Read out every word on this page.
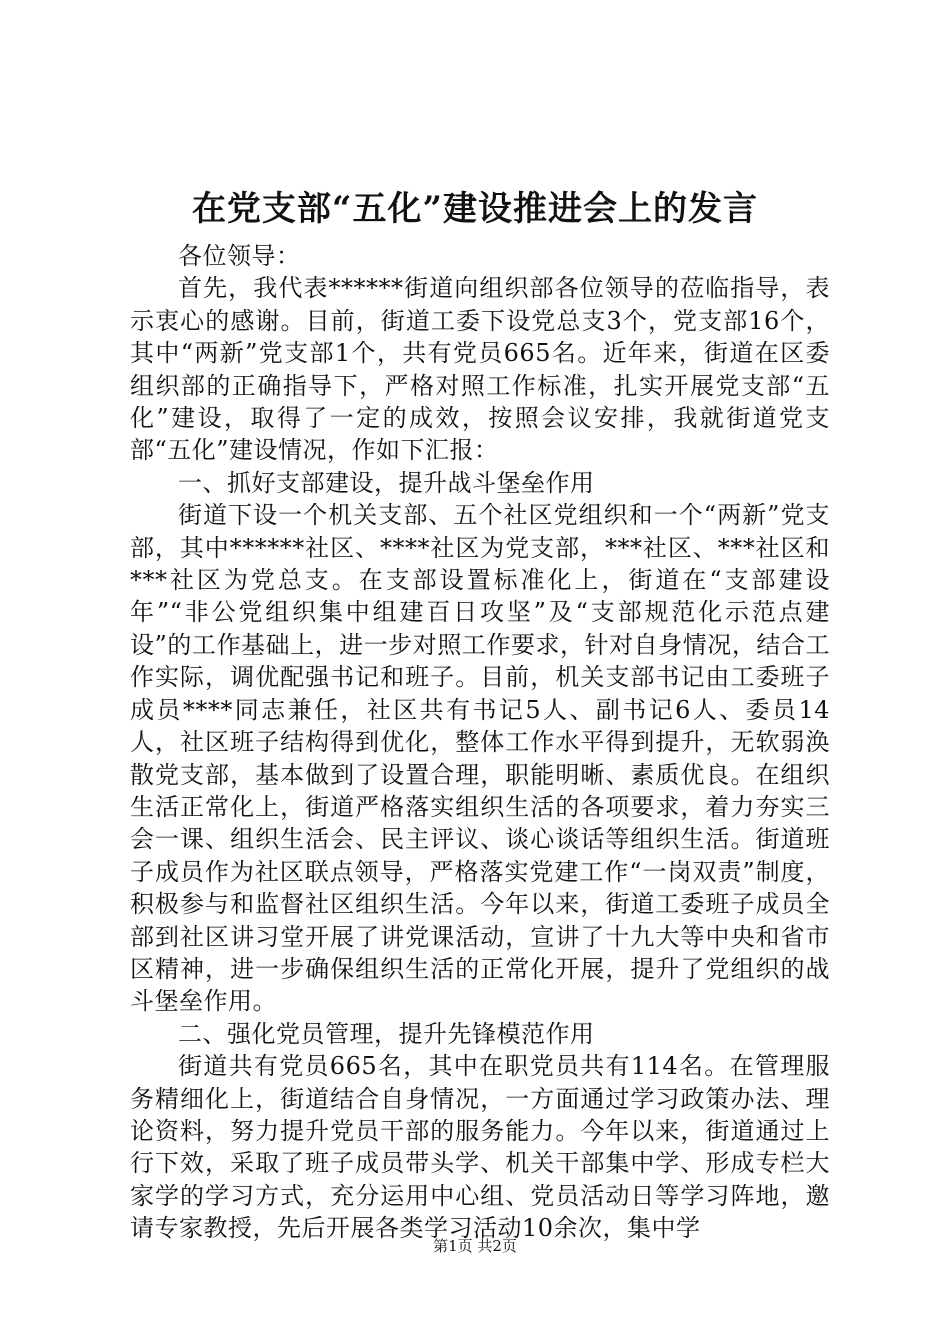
在党支部“五化”建设推进会上的发言

各位领导：

首先，我代表******街道向组织部各位领导的莅临指导，表示衷心的感谢。目前，街道工委下设党总支3个，党支部16个，其中“两新”党支部1个，共有党员665名。近年来，街道在区委组织部的正确指导下，严格对照工作标准，扎实开展党支部“五化”建设，取得了一定的成效，按照会议安排，我就街道党支部“五化”建设情况，作如下汇报：

一、抓好支部建设，提升战斗堡垒作用

街道下设一个机关支部、五个社区党组织和一个“两新”党支部，其中******社区、****社区为党支部，***社区、***社区和***社区为党总支。在支部设置标准化上，街道在“支部建设年”“非公党组织集中组建百日攻坚”及“支部规范化示范点建设”的工作基础上，进一步对照工作要求，针对自身情况，结合工作实际，调优配强书记和班子。目前，机关支部书记由工委班子成员****同志兼任，社区共有书记5人、副书记6人、委员14人，社区班子结构得到优化，整体工作水平得到提升，无软弱涣散党支部，基本做到了设置合理，职能明晰、素质优良。在组织生活正常化上，街道严格落实组织生活的各项要求，着力夯实三会一课、组织生活会、民主评议、谈心谈话等组织生活。街道班子成员作为社区联点领导，严格落实党建工作“一岗双责”制度，积极参与和监督社区组织生活。今年以来，街道工委班子成员全部到社区讲习堂开展了讲党课活动，宣讲了十九大等中央和省市区精神，进一步确保组织生活的正常化开展，提升了党组织的战斗堡垒作用。

二、强化党员管理，提升先锋模范作用

街道共有党员665名，其中在职党员共有114名。在管理服务精细化上，街道结合自身情况，一方面通过学习政策办法、理论资料，努力提升党员干部的服务能力。今年以来，街道通过上行下效，采取了班子成员带头学、机关干部集中学、形成专栏大家学的学习方式，充分运用中心组、党员活动日等学习阵地，邀请专家教授，先后开展各类学习活动10余次，集中学

第1页 共2页
